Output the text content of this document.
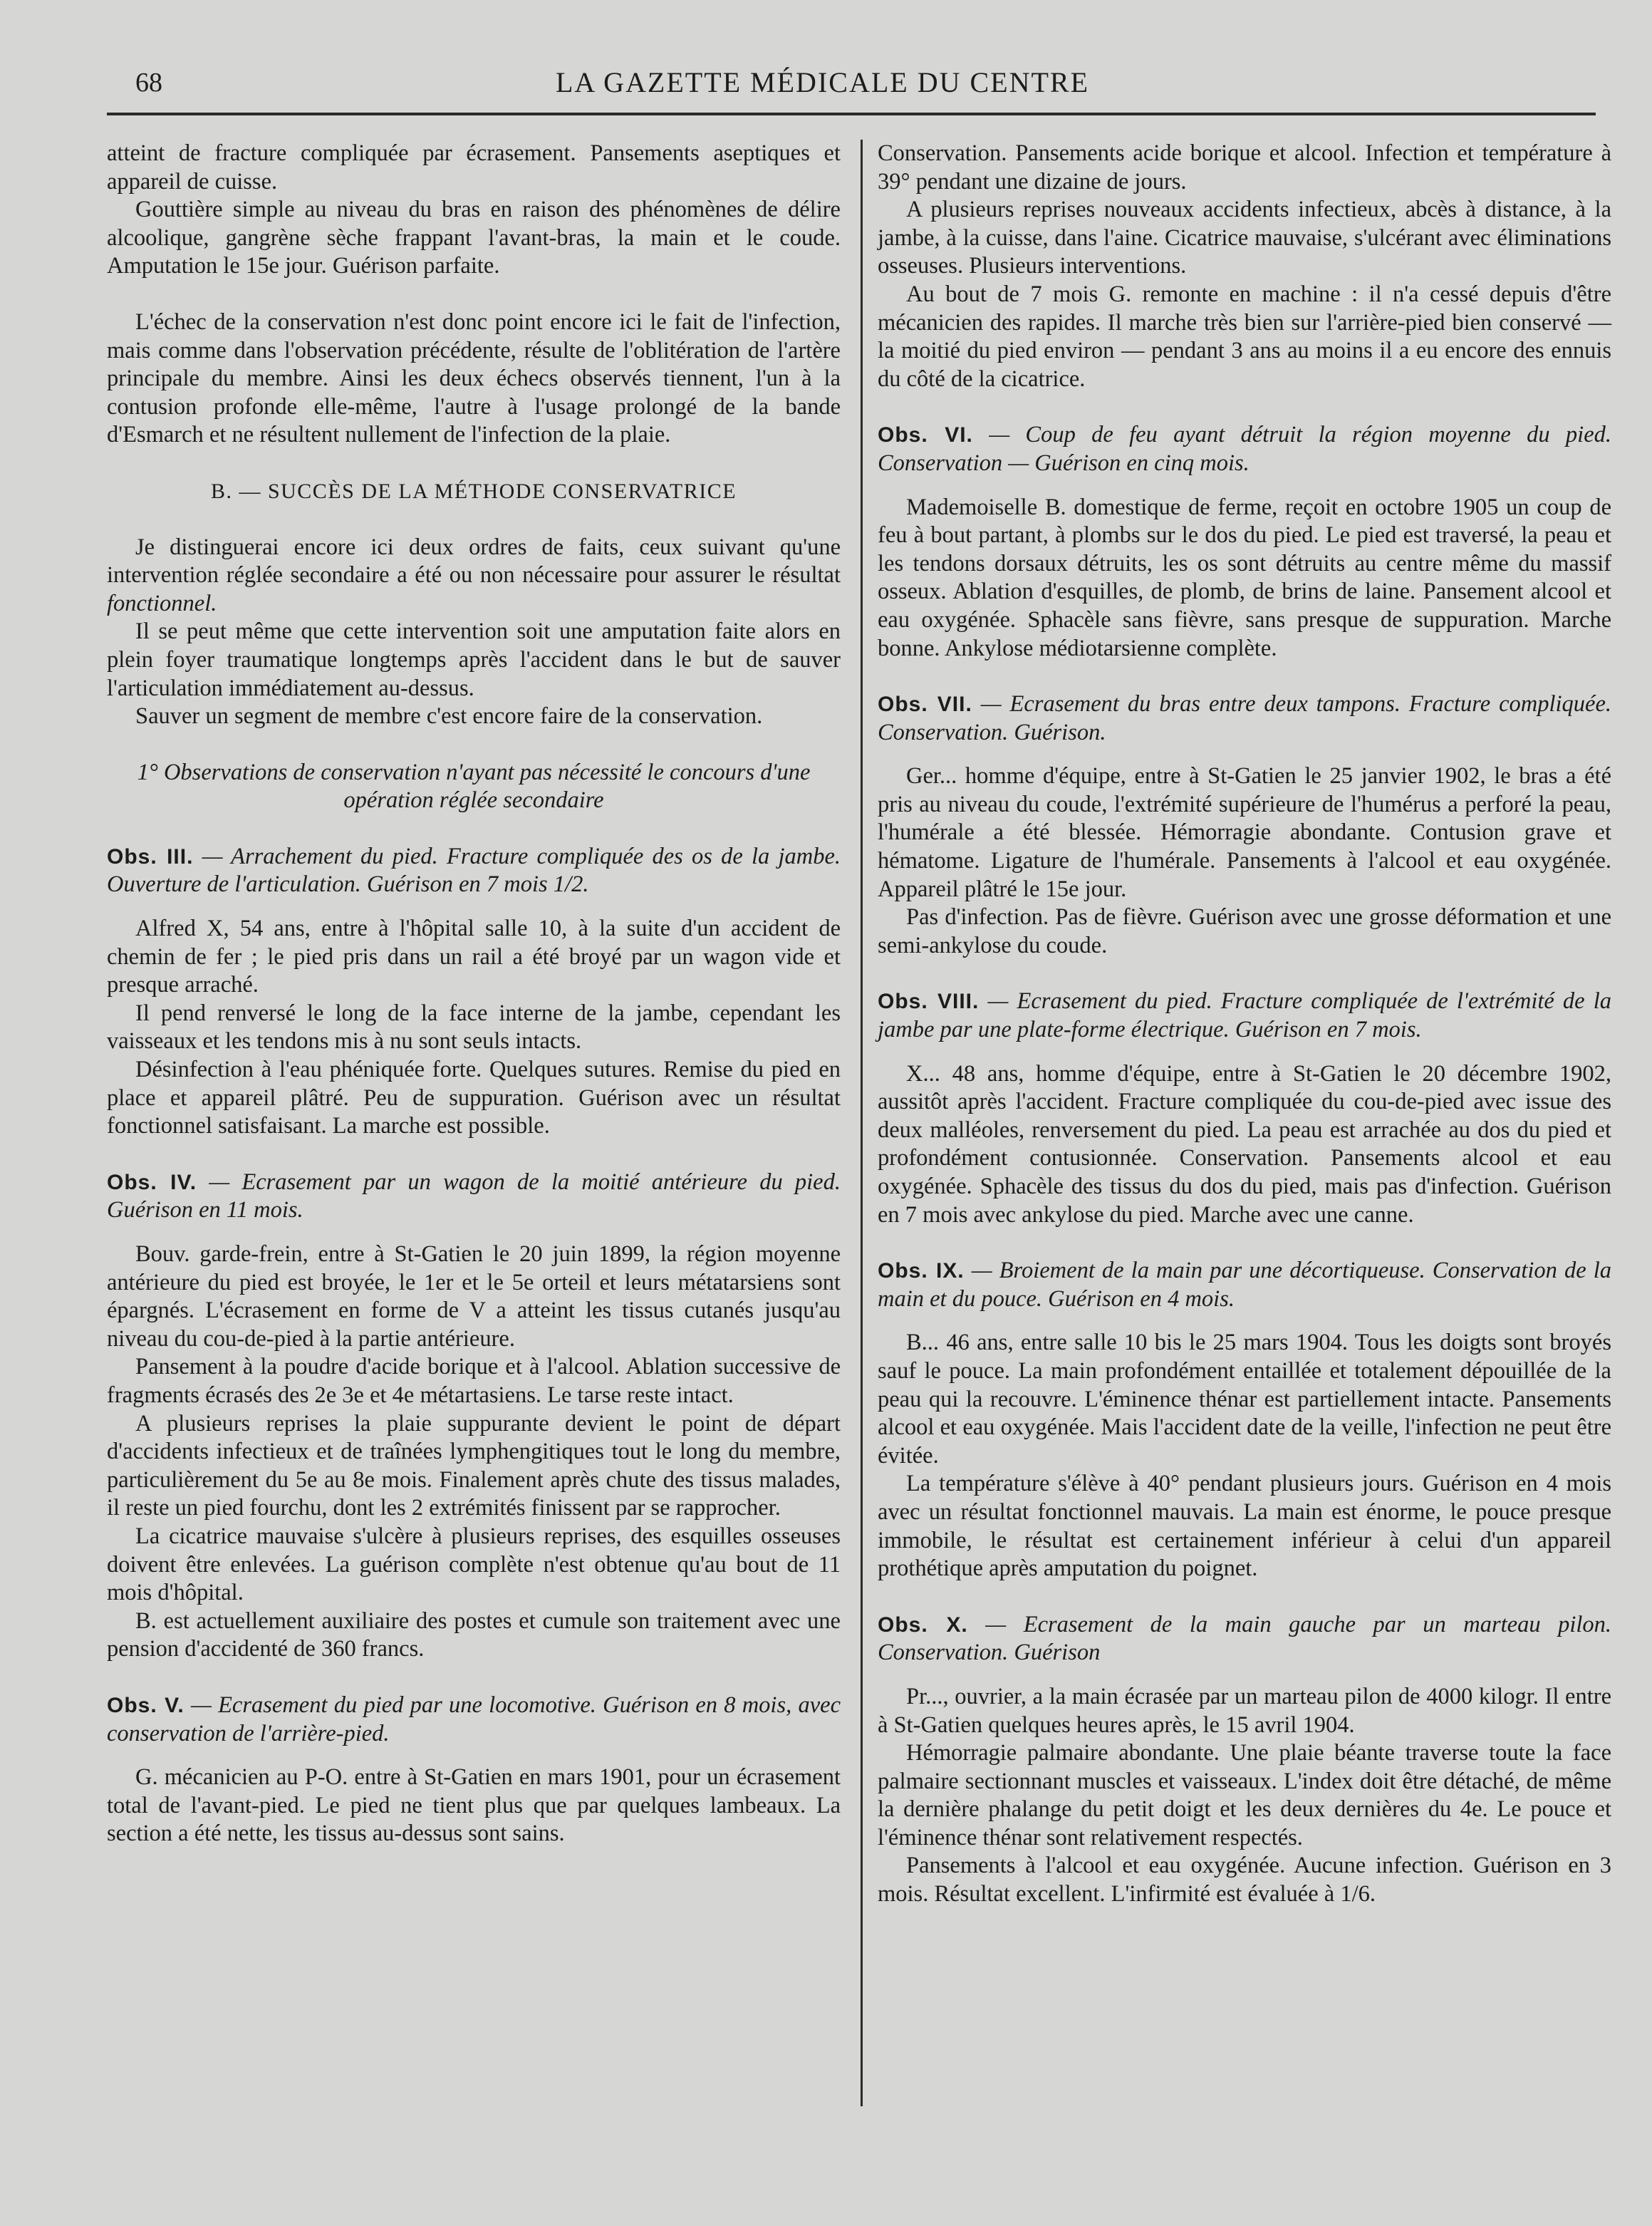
68	LA GAZETTE MÉDICALE DU CENTRE

atteint de fracture compliquée par écrasement. Pansements aseptiques et appareil de cuisse.

Gouttière simple au niveau du bras en raison des phénomènes de délire alcoolique, gangrène sèche frappant l'avant-bras, la main et le coude. Amputation le 15e jour. Guérison parfaite.

L'échec de la conservation n'est donc point encore ici le fait de l'infection, mais comme dans l'observation précédente, résulte de l'oblitération de l'artère principale du membre. Ainsi les deux échecs observés tiennent, l'un à la contusion profonde elle-même, l'autre à l'usage prolongé de la bande d'Esmarch et ne résultent nullement de l'infection de la plaie.

B. — SUCCÈS DE LA MÉTHODE CONSERVATRICE

Je distinguerai encore ici deux ordres de faits, ceux suivant qu'une intervention réglée secondaire a été ou non nécessaire pour assurer le résultat fonctionnel.

Il se peut même que cette intervention soit une amputation faite alors en plein foyer traumatique longtemps après l'accident dans le but de sauver l'articulation immédiatement au-dessus.

Sauver un segment de membre c'est encore faire de la conservation.

1° Observations de conservation n'ayant pas nécessité le concours d'une opération réglée secondaire
Obs. III. — Arrachement du pied. Fracture compliquée des os de la jambe. Ouverture de l'articulation. Guérison en 7 mois 1/2.

Alfred X, 54 ans, entre à l'hôpital salle 10, à la suite d'un accident de chemin de fer ; le pied pris dans un rail a été broyé par un wagon vide et presque arraché.

Il pend renversé le long de la face interne de la jambe, cependant les vaisseaux et les tendons mis à nu sont seuls intacts.

Désinfection à l'eau phéniquée forte. Quelques sutures. Remise du pied en place et appareil plâtré. Peu de suppuration. Guérison avec un résultat fonctionnel satisfaisant. La marche est possible.

Obs. IV. — Ecrasement par un wagon de la moitié antérieure du pied. Guérison en 11 mois.

Bouv. garde-frein, entre à St-Gatien le 20 juin 1899, la région moyenne antérieure du pied est broyée, le 1er et le 5e orteil et leurs métatarsiens sont épargnés. L'écrasement en forme de V a atteint les tissus cutanés jusqu'au niveau du cou-de-pied à la partie antérieure.

Pansement à la poudre d'acide borique et à l'alcool. Ablation successive de fragments écrasés des 2e 3e et 4e métartasiens. Le tarse reste intact.

A plusieurs reprises la plaie suppurante devient le point de départ d'accidents infectieux et de traînées lymphengitiques tout le long du membre, particulièrement du 5e au 8e mois. Finalement après chute des tissus malades, il reste un pied fourchu, dont les 2 extrémités finissent par se rapprocher.

La cicatrice mauvaise s'ulcère à plusieurs reprises, des esquilles osseuses doivent être enlevées. La guérison complète n'est obtenue qu'au bout de 11 mois d'hôpital.

B. est actuellement auxiliaire des postes et cumule son traitement avec une pension d'accidenté de 360 francs.

Obs. V. — Ecrasement du pied par une locomotive. Guérison en 8 mois, avec conservation de l'arrière-pied.

G. mécanicien au P-O. entre à St-Gatien en mars 1901, pour un écrasement total de l'avant-pied. Le pied ne tient plus que par quelques lambeaux. La section a été nette, les tissus au-dessus sont sains.

Conservation. Pansements acide borique et alcool. Infection et température à 39° pendant une dizaine de jours.

A plusieurs reprises nouveaux accidents infectieux, abcès à distance, à la jambe, à la cuisse, dans l'aine. Cicatrice mauvaise, s'ulcérant avec éliminations osseuses. Plusieurs interventions.

Au bout de 7 mois G. remonte en machine : il n'a cessé depuis d'être mécanicien des rapides. Il marche très bien sur l'arrière-pied bien conservé — la moitié du pied environ — pendant 3 ans au moins il a eu encore des ennuis du côté de la cicatrice.

Obs. VI. — Coup de feu ayant détruit la région moyenne du pied. Conservation — Guérison en cinq mois.

Mademoiselle B. domestique de ferme, reçoit en octobre 1905 un coup de feu à bout partant, à plombs sur le dos du pied. Le pied est traversé, la peau et les tendons dorsaux détruits, les os sont détruits au centre même du massif osseux. Ablation d'esquilles, de plomb, de brins de laine. Pansement alcool et eau oxygénée. Sphacèle sans fièvre, sans presque de suppuration. Marche bonne. Ankylose médiotarsienne complète.

Obs. VII. — Ecrasement du bras entre deux tampons. Fracture compliquée. Conservation. Guérison.

Ger... homme d'équipe, entre à St-Gatien le 25 janvier 1902, le bras a été pris au niveau du coude, l'extrémité supérieure de l'humérus a perforé la peau, l'humérale a été blessée. Hémorragie abondante. Contusion grave et hématome. Ligature de l'humérale. Pansements à l'alcool et eau oxygénée. Appareil plâtré le 15e jour.

Pas d'infection. Pas de fièvre. Guérison avec une grosse déformation et une semi-ankylose du coude.

Obs. VIII. — Ecrasement du pied. Fracture compliquée de l'extrémité de la jambe par une plate-forme électrique. Guérison en 7 mois.

X... 48 ans, homme d'équipe, entre à St-Gatien le 20 décembre 1902, aussitôt après l'accident. Fracture compliquée du cou-de-pied avec issue des deux malléoles, renversement du pied. La peau est arrachée au dos du pied et profondément contusionnée. Conservation. Pansements alcool et eau oxygénée. Sphacèle des tissus du dos du pied, mais pas d'infection. Guérison en 7 mois avec ankylose du pied. Marche avec une canne.

Obs. IX. — Broiement de la main par une décortiqueuse. Conservation de la main et du pouce. Guérison en 4 mois.

B... 46 ans, entre salle 10 bis le 25 mars 1904. Tous les doigts sont broyés sauf le pouce. La main profondément entaillée et totalement dépouillée de la peau qui la recouvre. L'éminence thénar est partiellement intacte. Pansements alcool et eau oxygénée. Mais l'accident date de la veille, l'infection ne peut être évitée.

La température s'élève à 40° pendant plusieurs jours. Guérison en 4 mois avec un résultat fonctionnel mauvais. La main est énorme, le pouce presque immobile, le résultat est certainement inférieur à celui d'un appareil prothétique après amputation du poignet.

Obs. X. — Ecrasement de la main gauche par un marteau pilon. Conservation. Guérison

Pr..., ouvrier, a la main écrasée par un marteau pilon de 4000 kilogr. Il entre à St-Gatien quelques heures après, le 15 avril 1904.

Hémorragie palmaire abondante. Une plaie béante traverse toute la face palmaire sectionnant muscles et vaisseaux. L'index doit être détaché, de même la dernière phalange du petit doigt et les deux dernières du 4e. Le pouce et l'éminence thénar sont relativement respectés.

Pansements à l'alcool et eau oxygénée. Aucune infection. Guérison en 3 mois. Résultat excellent. L'infirmité est évaluée à 1/6.
